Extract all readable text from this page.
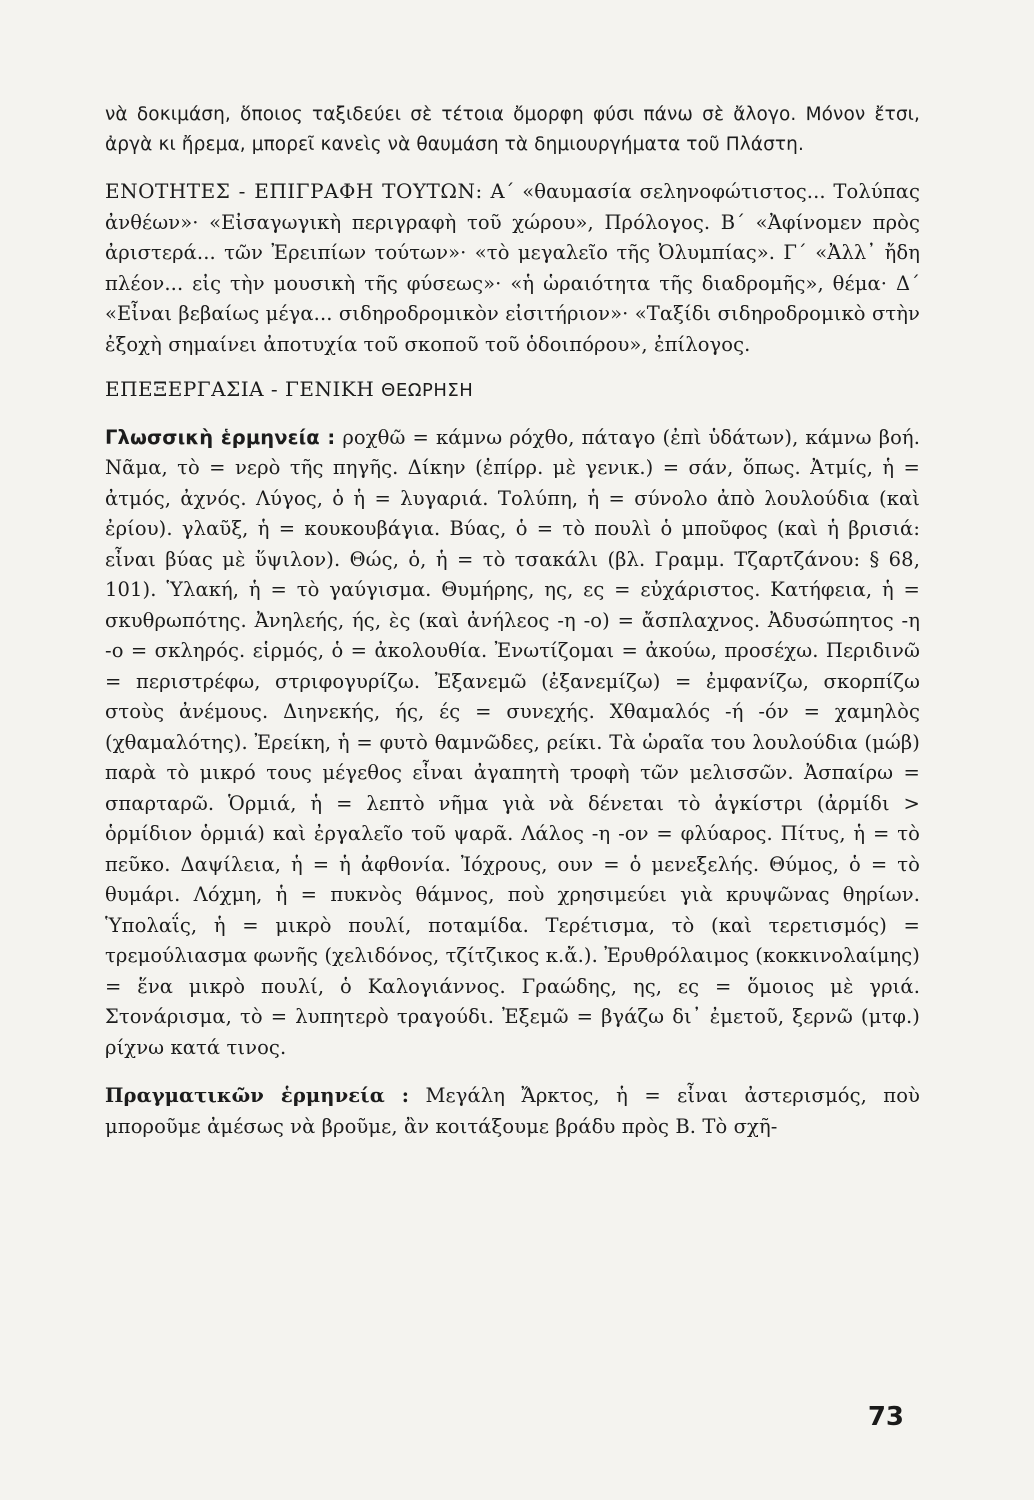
νὰ δοκιμάση, ὅποιος ταξιδεύει σὲ τέτοια ὄμορφη φύσι πάνω σὲ ἄλογο. Μόνον ἔτσι, ἀργὰ κι ἤρεμα, μπορεῖ κανεὶς νὰ θαυμάση τὰ δημιουργήματα τοῦ Πλάστη.

ΕΝΟΤΗΤΕΣ - ΕΠΙΓΡΑΦΗ ΤΟΥΤΩΝ: Α΄ «θαυμασία σεληνοφώτιστος... Τολύπας ἀνθέων»· «Εἰσαγωγικὴ περιγραφὴ τοῦ χώρου», Πρόλογος. Β΄ «Ἀφίνομεν πρὸς ἀριστερά... τῶν Ἐρειπίων τούτων»· «τὸ μεγαλεῖο τῆς Ὀλυμπίας». Γ΄ «Ἀλλ᾿ ἤδη πλέον... εἰς τὴν μουσικὴ τῆς φύσεως»· «ἡ ὡραιότητα τῆς διαδρομῆς», θέμα· Δ΄ «Εἶναι βεβαίως μέγα... σιδηροδρομικὸν εἰσιτήριον»· «Ταξίδι σιδηροδρομικὸ στὴν ἐξοχὴ σημαίνει ἀποτυχία τοῦ σκοποῦ τοῦ ὁδοιπόρου», ἐπίλογος.

ΕΠΕΞΕΡΓΑΣΙΑ - ΓΕΝΙΚΗ ΘΕΩΡΗΣΗ

Γλωσσικὴ ἑρμηνεία : ροχθῶ = κάμνω ρόχθο, πάταγο (ἐπὶ ὑδάτων), κάμνω βοή. Νᾶμα, τὸ = νερὸ τῆς πηγῆς. Δίκην (ἐπίρρ. μὲ γενικ.) = σάν, ὅπως. Ἀτμίς, ἡ = ἀτμός, ἀχνός. Λύγος, ὁ ἡ = λυγαριά. Τολύπη, ἡ = σύνολο ἀπὸ λουλούδια (καὶ ἐρίου). γλαῦξ, ἡ = κουκουβάγια. Βύας, ὁ = τὸ πουλὶ ὁ μποῦφος (καὶ ἡ βρισιά: εἶναι βύας μὲ ὕψιλον). Θώς, ὁ, ἡ = τὸ τσακάλι (βλ. Γραμμ. Τζαρτζάνου: § 68, 101). Ὑλακή, ἡ = τὸ γαύγισμα. Θυμήρης, ης, ες = εὐχάριστος. Κατήφεια, ἡ = σκυθρωπότης. Ἀνηλεής, ής, ὲς (καὶ ἀνήλεος -η -ο) = ἄσπλαχνος. Ἀδυσώπητος -η -ο = σκληρός. εἱρμός, ὁ = ἀκολουθία. Ἐνωτίζομαι = ἀκούω, προσέχω. Περιδινῶ = περιστρέφω, στριφογυρίζω. Ἐξανεμῶ (ἐξανεμίζω) = ἐμφανίζω, σκορπίζω στοὺς ἀνέμους. Διηνεκής, ής, ές = συνεχής. Χθαμαλός -ή -όν = χαμηλὸς (χθαμαλότης). Ἐρείκη, ἡ = φυτὸ θαμνῶδες, ρείκι. Τὰ ὡραῖα του λουλούδια (μώβ) παρὰ τὸ μικρό τους μέγεθος εἶναι ἀγαπητὴ τροφὴ τῶν μελισσῶν. Ἀσπαίρω = σπαρταρῶ. Ὁρμιά, ἡ = λεπτὸ νῆμα γιὰ νὰ δένεται τὸ ἀγκίστρι (ἀρμίδι > ὁρμίδιον ὁρμιά) καὶ ἐργαλεῖο τοῦ ψαρᾶ. Λάλος -η -ον = φλύαρος. Πίτυς, ἡ = τὸ πεῦκο. Δαψίλεια, ἡ = ἡ ἀφθονία. Ἰόχρους, ουν = ὁ μενεξελής. Θύμος, ὁ = τὸ θυμάρι. Λόχμη, ἡ = πυκνὸς θάμνος, ποὺ χρησιμεύει γιὰ κρυψῶνας θηρίων. Ὑπολαΐς, ἡ = μικρὸ πουλί, ποταμίδα. Τερέτισμα, τὸ (καὶ τερετισμός) = τρεμούλιασμα φωνῆς (χελιδόνος, τζίτζικος κ.ἄ.). Ἐρυθρόλαιμος (κοκκινολαίμης) = ἕνα μικρὸ πουλί, ὁ Καλογιάννος. Γραώδης, ης, ες = ὅμοιος μὲ γριά. Στονάρισμα, τὸ = λυπητερὸ τραγούδι. Ἐξεμῶ = βγάζω δι᾿ ἐμετοῦ, ξερνῶ (μτφ.) ρίχνω κατά τινος.

Πραγματικῶν ἑρμηνεία : Μεγάλη Ἄρκτος, ἡ = εἶναι ἀστερισμός, ποὺ μποροῦμε ἀμέσως νὰ βροῦμε, ἂν κοιτάξουμε βράδυ πρὸς Β. Τὸ σχῆ-

73
